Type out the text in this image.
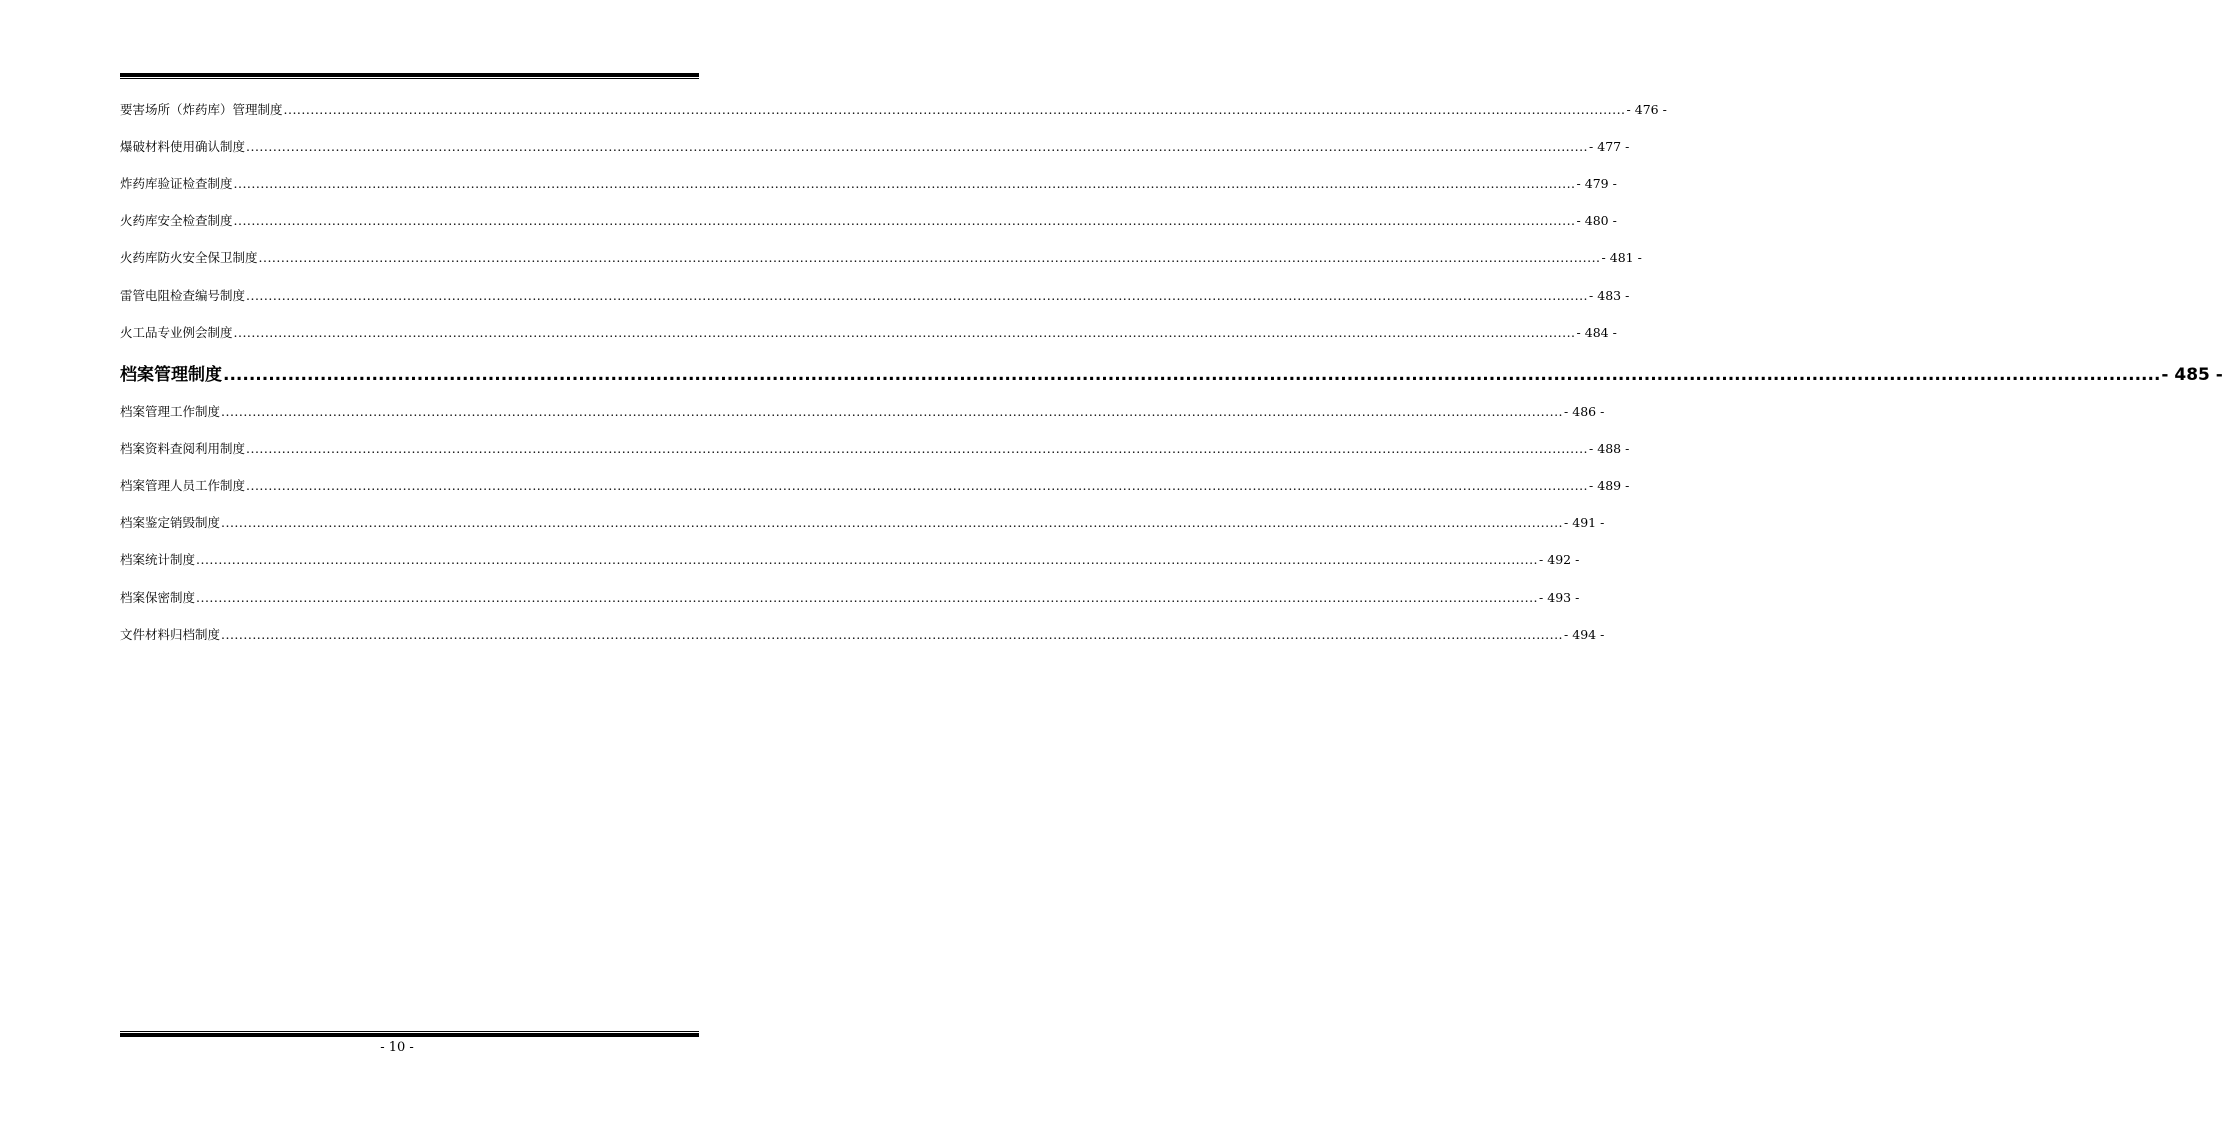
要害场所（炸药库）管理制度 ............................................................................................................................................................................................................................................................................................................ - 476 -
爆破材料使用确认制度 ............................................................................................................................................................................................................................................................................................................ - 477 -
炸药库验证检查制度 ............................................................................................................................................................................................................................................................................................................ - 479 -
火药库安全检查制度 ............................................................................................................................................................................................................................................................................................................ - 480 -
火药库防火安全保卫制度 ............................................................................................................................................................................................................................................................................................................ - 481 -
雷管电阻检查编号制度 ............................................................................................................................................................................................................................................................................................................ - 483 -
火工品专业例会制度 ............................................................................................................................................................................................................................................................................................................ - 484 -
档案管理制度 ............................................................................................................................................................................................................................................................................................................ - 485 -
档案管理工作制度 ............................................................................................................................................................................................................................................................................................................ - 486 -
档案资料查阅利用制度 ............................................................................................................................................................................................................................................................................................................ - 488 -
档案管理人员工作制度 ............................................................................................................................................................................................................................................................................................................ - 489 -
档案鉴定销毁制度 ............................................................................................................................................................................................................................................................................................................ - 491 -
档案统计制度 ............................................................................................................................................................................................................................................................................................................ - 492 -
档案保密制度 ............................................................................................................................................................................................................................................................................................................ - 493 -
文件材料归档制度 ............................................................................................................................................................................................................................................................................................................ - 494 -
- 10 -
